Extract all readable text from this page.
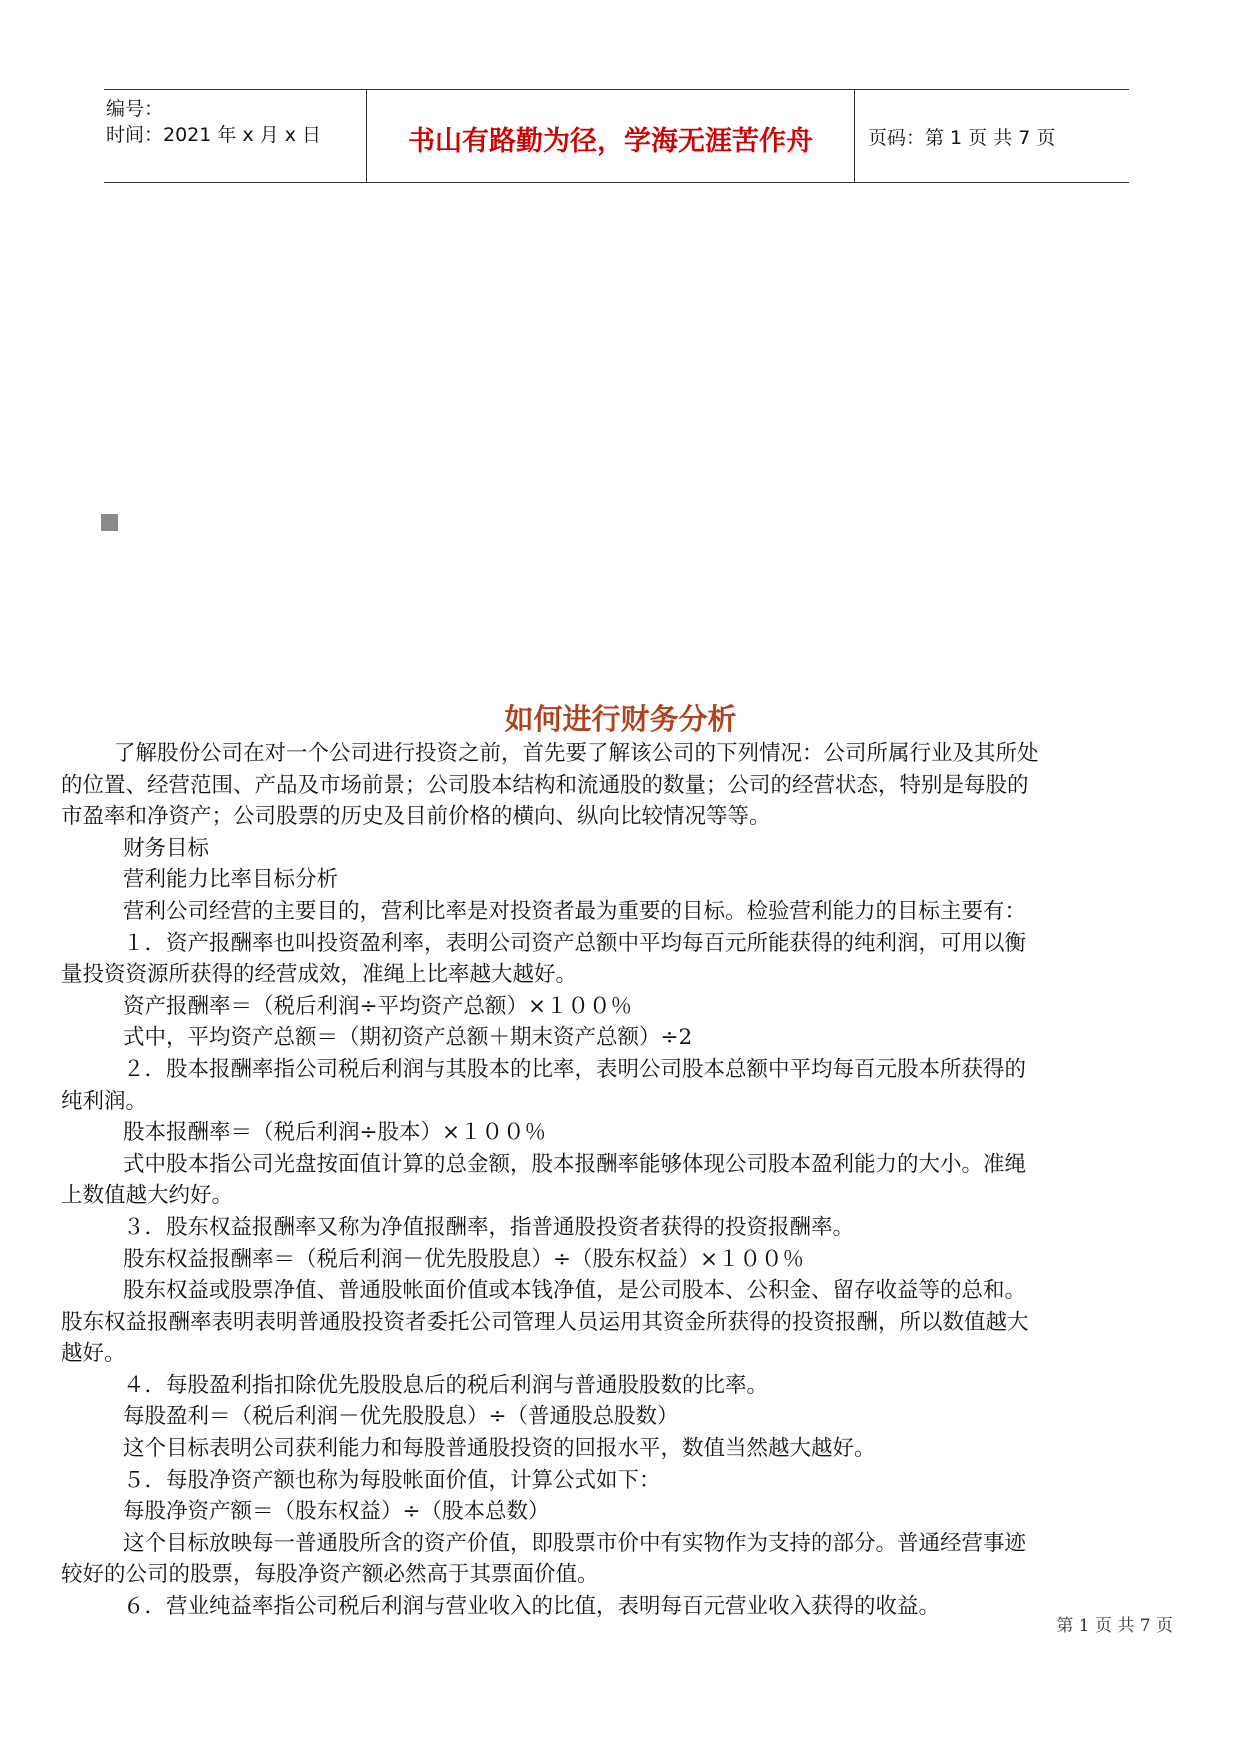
编号：
时间：2021 年 x 月 x 日	书山有路勤为径，学海无涯苦作舟	页码：第 1 页 共 7 页
如何进行财务分析

了解股份公司在对一个公司进行投资之前，首先要了解该公司的下列情况：公司所属行业及其所处

的位置、经营范围、产品及市场前景；公司股本结构和流通股的数量；公司的经营状态，特别是每股的

市盈率和净资产；公司股票的历史及目前价格的横向、纵向比较情况等等。

财务目标

营利能力比率目标分析

营利公司经营的主要目的，营利比率是对投资者最为重要的目标。检验营利能力的目标主要有：

１．资产报酬率也叫投资盈利率，表明公司资产总额中平均每百元所能获得的纯利润，可用以衡

量投资资源所获得的经营成效，准绳上比率越大越好。

资产报酬率＝（税后利润÷平均资产总额）×１００％

式中，平均资产总额＝（期初资产总额＋期末资产总额）÷2

２．股本报酬率指公司税后利润与其股本的比率，表明公司股本总额中平均每百元股本所获得的

纯利润。

股本报酬率＝（税后利润÷股本）×１００％

式中股本指公司光盘按面值计算的总金额，股本报酬率能够体现公司股本盈利能力的大小。准绳

上数值越大约好。

３．股东权益报酬率又称为净值报酬率，指普通股投资者获得的投资报酬率。

股东权益报酬率＝（税后利润－优先股股息）÷（股东权益）×１００％

股东权益或股票净值、普通股帐面价值或本钱净值，是公司股本、公积金、留存收益等的总和。

股东权益报酬率表明表明普通股投资者委托公司管理人员运用其资金所获得的投资报酬，所以数值越大

越好。

４．每股盈利指扣除优先股股息后的税后利润与普通股股数的比率。

每股盈利＝（税后利润－优先股股息）÷（普通股总股数）

这个目标表明公司获利能力和每股普通股投资的回报水平，数值当然越大越好。

５．每股净资产额也称为每股帐面价值，计算公式如下：

每股净资产额＝（股东权益）÷（股本总数）

这个目标放映每一普通股所含的资产价值，即股票市价中有实物作为支持的部分。普通经营事迹

较好的公司的股票，每股净资产额必然高于其票面价值。

６．营业纯益率指公司税后利润与营业收入的比值，表明每百元营业收入获得的收益。

第 1 页 共 7 页
